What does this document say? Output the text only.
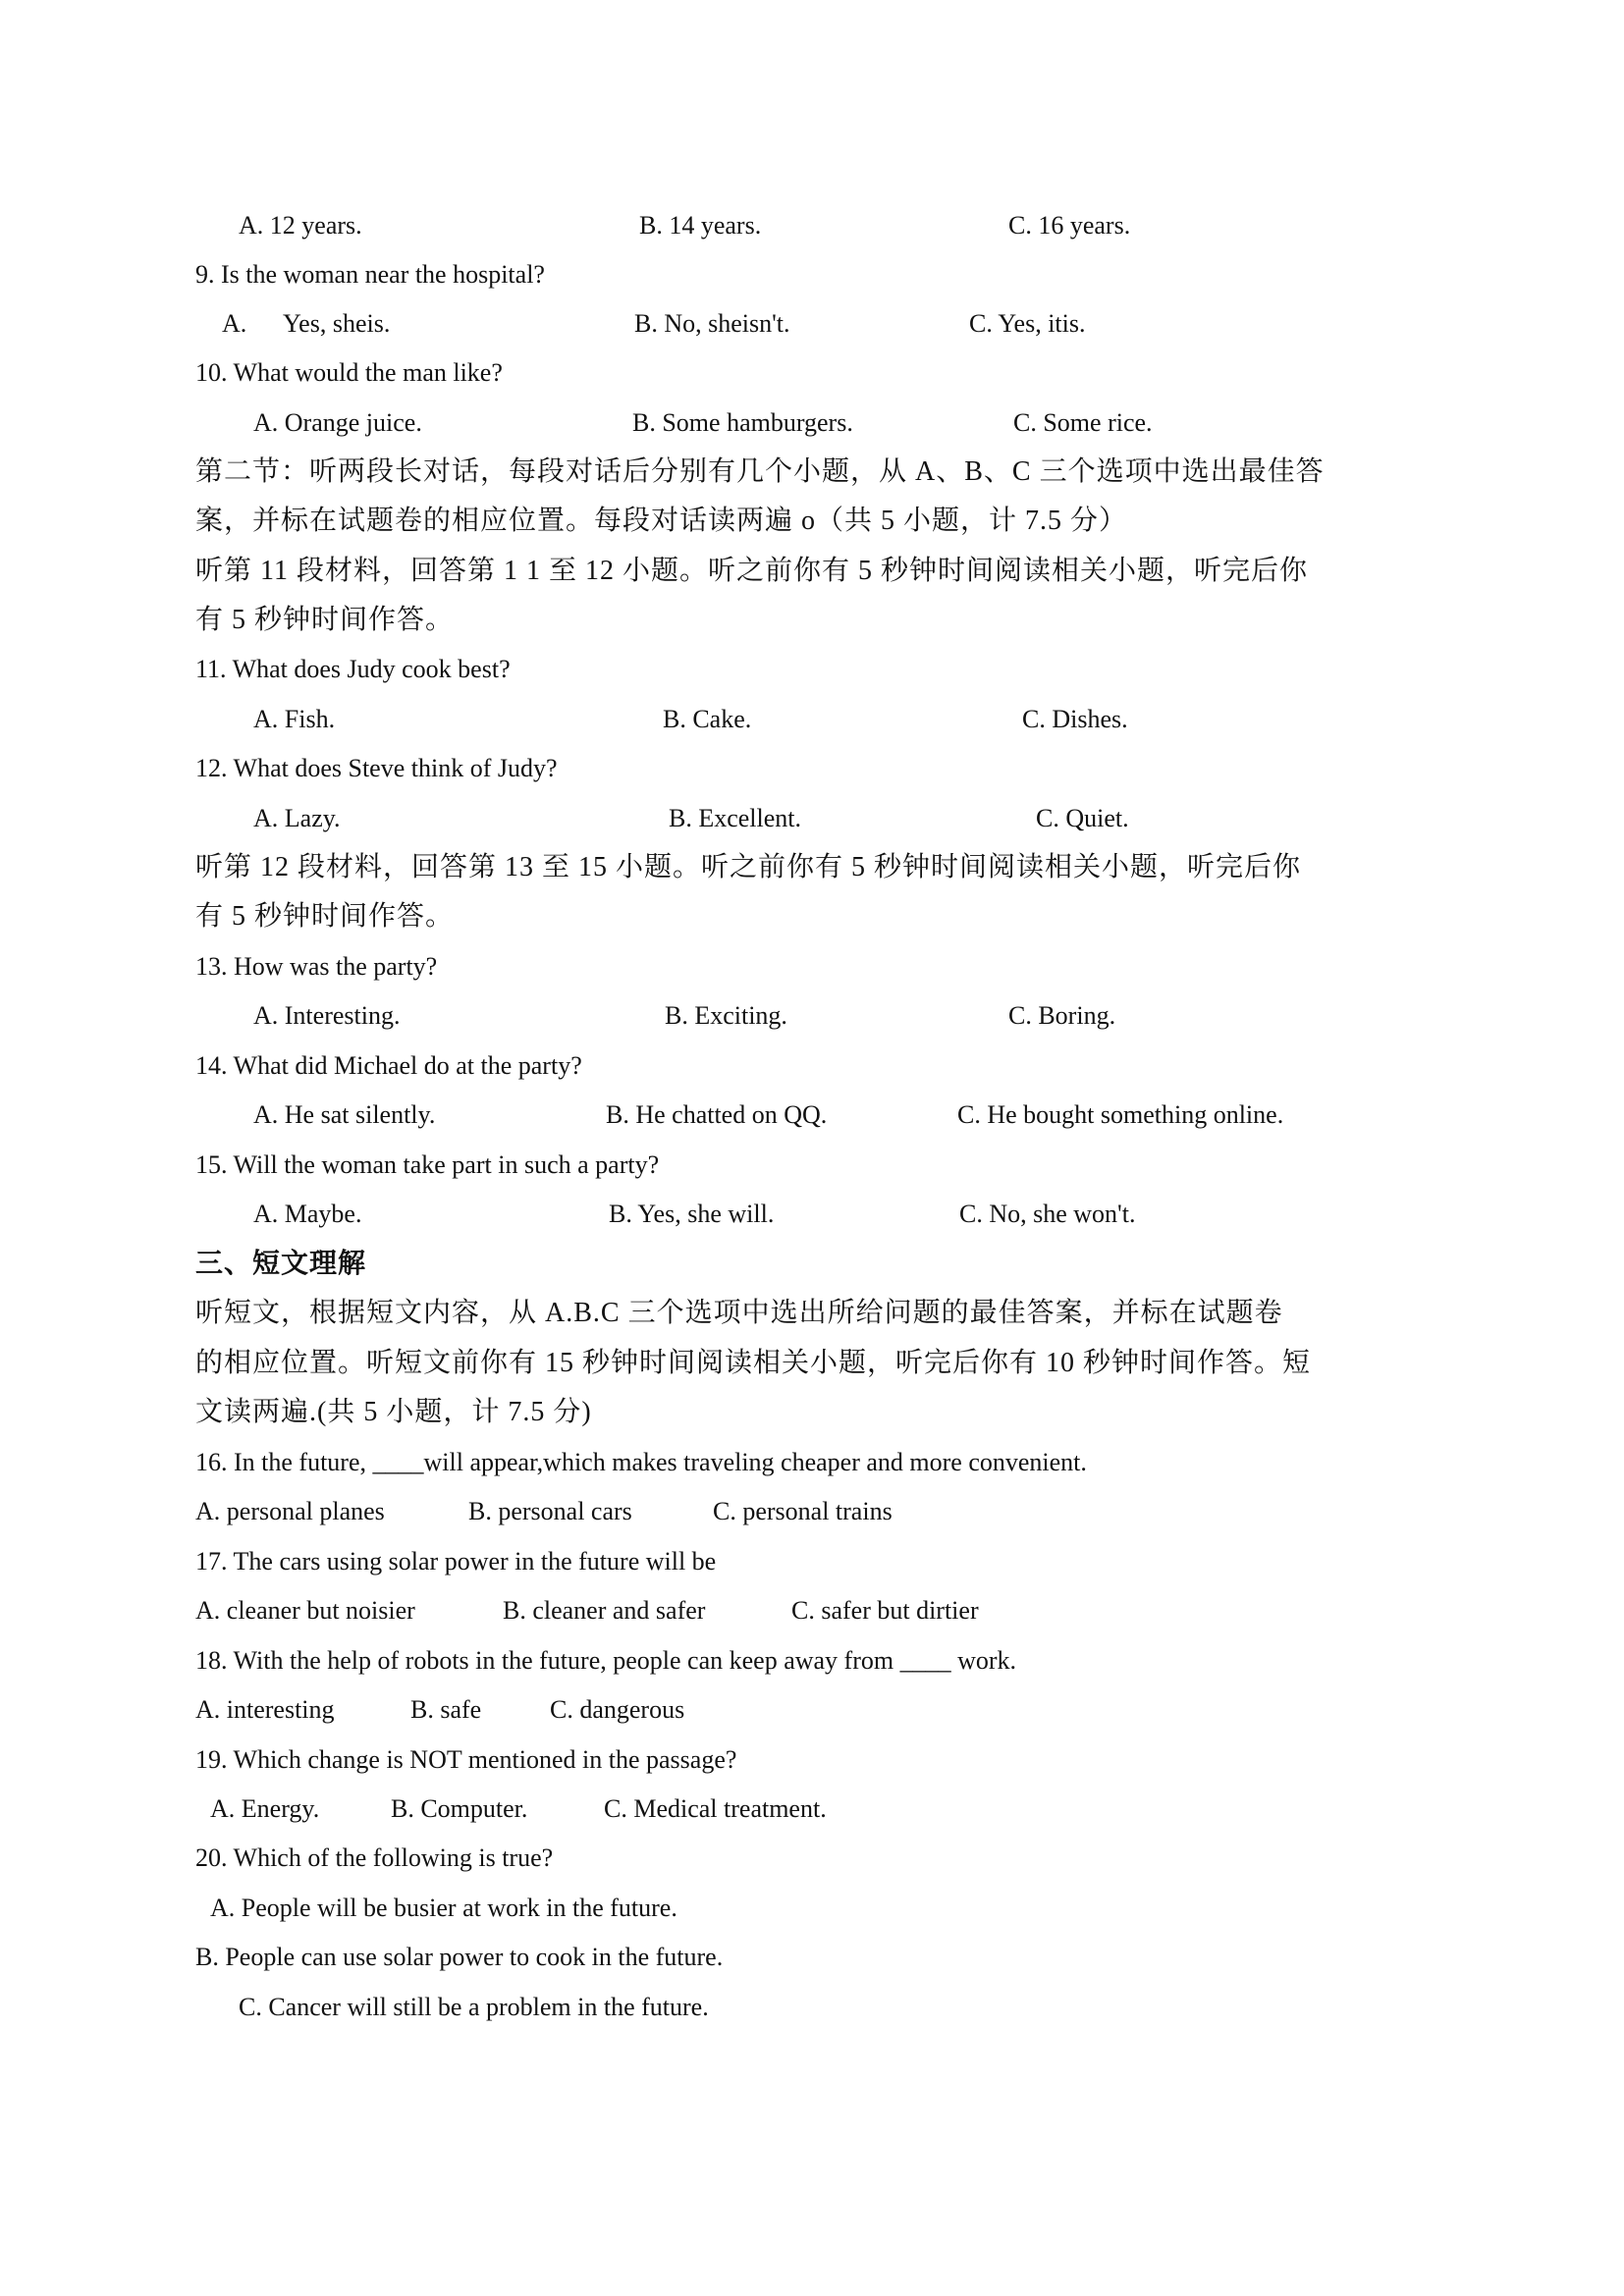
A. 12 years.	B. 14 years.	C. 16 years.
9. Is the woman near the hospital?
A. Yes, sheis.	B. No, sheisn't.	C. Yes, itis.
10. What would the man like?
A. Orange juice.	B. Some hamburgers.	C. Some rice.
第二节：听两段长对话，每段对话后分别有几个小题，从 A、B、C 三个选项中选出最佳答
案，并标在试题卷的相应位置。每段对话读两遍 o（共 5 小题，计 7.5 分）
听第 11 段材料，回答第 1 1 至 12 小题。听之前你有 5 秒钟时间阅读相关小题，听完后你
有 5 秒钟时间作答。
11. What does Judy cook best?
A. Fish.	B. Cake.	C. Dishes.
12. What does Steve think of Judy?
A. Lazy.	B. Excellent.	C. Quiet.
听第 12 段材料，回答第 13 至 15 小题。听之前你有 5 秒钟时间阅读相关小题，听完后你
有 5 秒钟时间作答。
13. How was the party?
A. Interesting.	B. Exciting.	C. Boring.
14. What did Michael do at the party?
A. He sat silently.	B. He chatted on QQ.	C. He bought something online.
15. Will the woman take part in such a party?
A. Maybe.	B. Yes, she will.	C. No, she won't.
三、短文理解
听短文，根据短文内容，从 A.B.C 三个选项中选出所给问题的最佳答案，并标在试题卷
的相应位置。听短文前你有 15 秒钟时间阅读相关小题，听完后你有 10 秒钟时间作答。短
文读两遍.(共 5 小题，计 7.5 分)
16. In the future, ____will appear,which makes traveling cheaper and more convenient.
A. personal planes	B. personal cars	C. personal trains
17. The cars using solar power in the future will be
A. cleaner but noisier	B. cleaner and safer	C. safer but dirtier
18. With the help of robots in the future, people can keep away from ____ work.
A. interesting	B. safe	C. dangerous
19. Which change is NOT mentioned in the passage?
A. Energy.	B. Computer.	C. Medical treatment.
20. Which of the following is true?
A. People will be busier at work in the future.
B. People can use solar power to cook in the future.
C. Cancer will still be a problem in the future.
